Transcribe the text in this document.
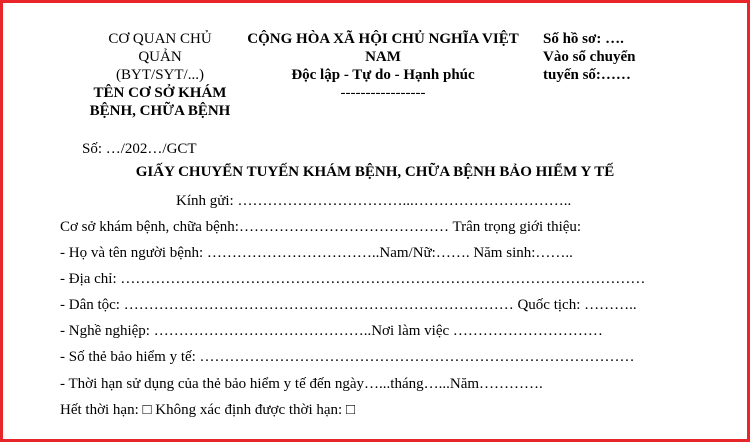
CƠ QUAN CHỦ
QUẢN
(BYT/SYT/...)
TÊN CƠ SỞ KHÁM
BỆNH, CHỮA BỆNH
CỘNG HÒA XÃ HỘI CHỦ NGHĨA VIỆT
NAM
Độc lập - Tự do - Hạnh phúc
-----------------
Số hồ sơ: ….
Vào sổ chuyển
tuyến số:……
Số: …/202…/GCT
GIẤY CHUYỂN TUYẾN KHÁM BỆNH, CHỮA BỆNH BẢO HIỂM Y TẾ
Kính gửi: ……………………………...…………………………..
Cơ sở khám bệnh, chữa bệnh:…………………………………… Trân trọng giới thiệu:
- Họ và tên người bệnh: ……………………………..Nam/Nữ:……. Năm sinh:……..
- Địa chỉ: ……………………………………………………………………………………………
- Dân tộc: …………………………………………………………………… Quốc tịch: ………..
- Nghề nghiệp: ……………………………………..Nơi làm việc …………………………
- Số thẻ bảo hiểm y tế: ……………………………………………………………………………
- Thời hạn sử dụng của thẻ bảo hiểm y tế đến ngày…...tháng…...Năm………….
Hết thời hạn: □ Không xác định được thời hạn: □
